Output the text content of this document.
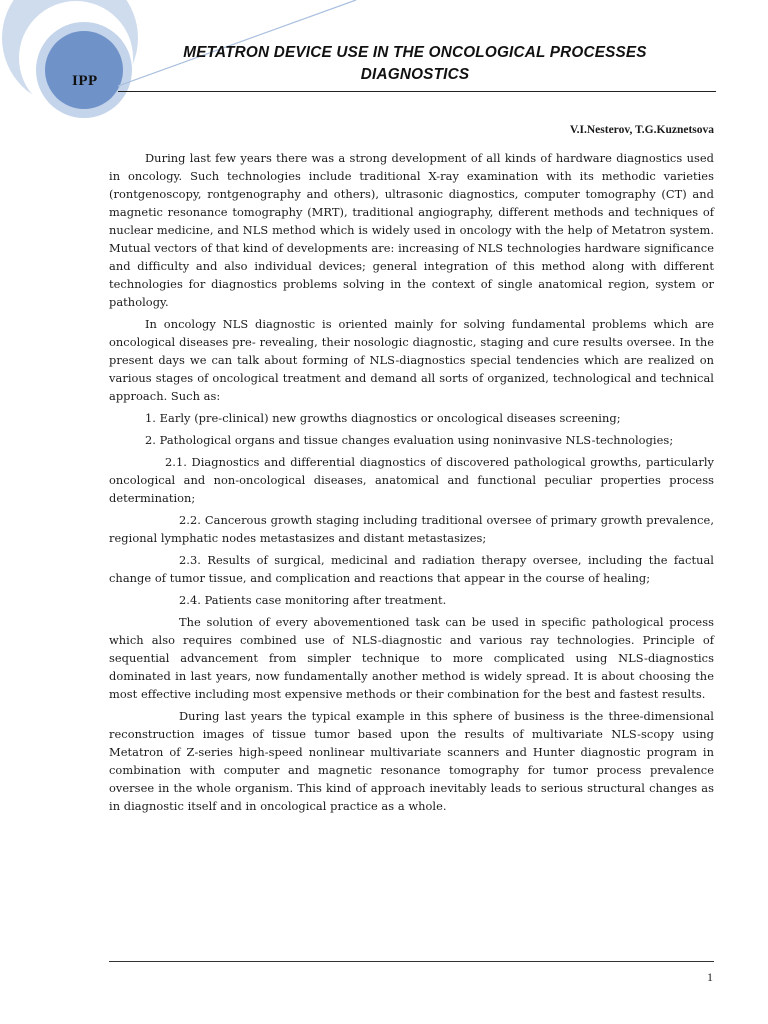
IPP
METATRON DEVICE USE IN THE ONCOLOGICAL PROCESSES
DIAGNOSTICS
V.I.Nesterov, T.G.Kuznetsova

During last few years there was a strong development of all kinds of hardware diagnostics used in oncology. Such technologies include traditional X-ray examination with its methodic varieties (rontgenoscopy, rontgenography and others), ultrasonic diagnostics, computer tomography (CT) and magnetic resonance tomography (MRT), traditional angiography, different methods and techniques of nuclear medicine, and NLS method which is widely used in oncology with the help of Metatron system. Mutual vectors of that kind of developments are: increasing of NLS technologies hardware significance and difficulty and also individual devices; general integration of this method along with different technologies for diagnostics problems solving in the context of single anatomical region, system or pathology.

In oncology NLS diagnostic is oriented mainly for solving fundamental problems which are oncological diseases pre- revealing, their nosologic diagnostic, staging and cure results oversee. In the present days we can talk about forming of NLS-diagnostics special tendencies which are realized on various stages of oncological treatment and demand all sorts of organized, technological and technical approach. Such as:

1. Early (pre-clinical) new growths diagnostics or oncological diseases screening;

2. Pathological organs and tissue changes evaluation using noninvasive NLS-technologies;

2.1. Diagnostics and differential diagnostics of discovered pathological growths, particularly oncological and non-oncological diseases, anatomical and functional peculiar properties process determination;

2.2. Cancerous growth staging including traditional oversee of primary growth prevalence, regional lymphatic nodes metastasizes and distant metastasizes;

2.3. Results of surgical, medicinal and radiation therapy oversee, including the factual change of tumor tissue, and complication and reactions that appear in the course of healing;

2.4. Patients case monitoring after treatment.

The solution of every abovementioned task can be used in specific pathological process which also requires combined use of NLS-diagnostic and various ray technologies. Principle of sequential advancement from simpler technique to more complicated using NLS-diagnostics dominated in last years, now fundamentally another method is widely spread. It is about choosing the most effective including most expensive methods or their combination for the best and fastest results.

During last years the typical example in this sphere of business is the three-dimensional reconstruction images of tissue tumor based upon the results of multivariate NLS-scopy using Metatron of Z-series high-speed nonlinear multivariate scanners and Hunter diagnostic program in combination with computer and magnetic resonance tomography for tumor process prevalence oversee in the whole organism. This kind of approach inevitably leads to serious structural changes as in diagnostic itself and in oncological practice as a whole.

1
